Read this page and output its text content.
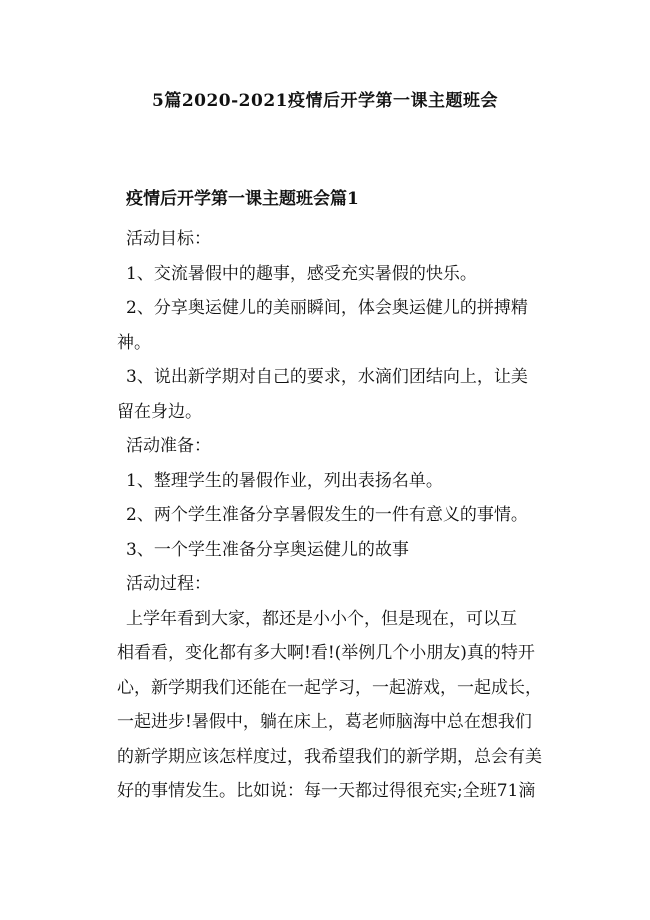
5篇2020-2021疫情后开学第一课主题班会
疫情后开学第一课主题班会篇1

活动目标：

1、交流暑假中的趣事，感受充实暑假的快乐。

2、分享奥运健儿的美丽瞬间，体会奥运健儿的拼搏精

神。

3、说出新学期对自己的要求，水滴们团结向上，让美

留在身边。

活动准备：

1、整理学生的暑假作业，列出表扬名单。

2、两个学生准备分享暑假发生的一件有意义的事情。

3、一个学生准备分享奥运健儿的故事

活动过程：

上学年看到大家，都还是小小个，但是现在，可以互
相看看，变化都有多大啊!看!(举例几个小朋友)真的特开
心，新学期我们还能在一起学习，一起游戏，一起成长，
一起进步!暑假中，躺在床上，葛老师脑海中总在想我们
的新学期应该怎样度过，我希望我们的新学期，总会有美
好的事情发生。比如说：每一天都过得很充实;全班71滴
